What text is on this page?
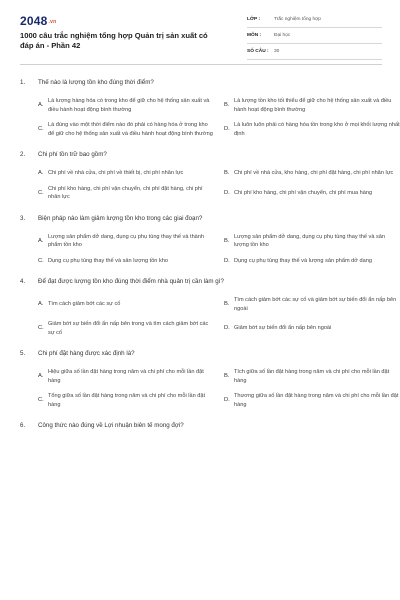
2048.vn
1000 câu trắc nghiệm tổng hợp Quản trị sản xuất có đáp án - Phần 42
LỚP :	Trắc nghiệm tổng hợp
MÔN :	Đại học
SỐ CÂU :	30
1.	Thế nào là lượng tồn kho đúng thời điểm?
A.
Là lượng hàng hóa có trong kho để giữ cho hệ thống sản xuất và điều hành hoạt động bình thường
B.
Là lượng tồn kho tối thiểu để giữ cho hệ thống sản xuất và điều hành hoạt động bình thường
C.
Là đúng vào một thời điểm nào đó phải có hàng hóa ở trong kho để giữ cho hệ thống sản xuất và điều hành hoạt động bình thường
D.
Là luôn luôn phải có hàng hóa tồn trong kho ở mọi khối lượng nhất định
2.	Chi phí tồn trữ bao gồm?
A. Chi phí về nhà cửa, chi phí về thiết bị, chi phí nhân lực	B. Chi phí về nhà cửa, kho hàng, chi phí đặt hàng, chi phí nhân lực
C.
Chi phí kho hàng, chi phí vận chuyển, chi phí đặt hàng, chi phí nhân lực
D. Chi phí kho hàng, chi phí vận chuyển, chi phí mua hàng
3.	Biện pháp nào làm giảm lượng tồn kho trong các giai đoạn?
A.
Lượng sản phẩm dở dang, dụng cụ phụ tùng thay thế và thành phẩm tồn kho
B.
Lượng sản phẩm dở dang, dụng cụ phụ tùng thay thế và sản lượng tồn kho
C. Dụng cụ phụ tùng thay thế và sản lượng tồn kho	D. Dụng cụ phụ tùng thay thế và lượng sản phẩm dở dang
4.	Để đạt được lượng tồn kho đúng thời điểm nhà quản trị cần làm gì?
A. Tìm cách giảm bớt các sự cố	B.
Tìm cách giảm bớt các sự cố và giảm bớt sự biến đổi ẩn nấp bên ngoài
C.
Giảm bớt sự biến đổi ẩn nấp bên trong và tìm cách giảm bớt các sự cố
D. Giảm bớt sự biến đổi ẩn nấp bên ngoài
5.	Chi phí đặt hàng được xác định là?
A.
Hiệu giữa số lần đặt hàng trong năm và chi phí cho mỗi lần đặt hàng
B.
Tích giữa số lần đặt hàng trong năm và chi phí cho mỗi lần đặt hàng
C.
Tổng giữa số lần đặt hàng trong năm và chi phí cho mỗi lần đặt hàng
D.
Thương giữa số lần đặt hàng trong năm và chi phí cho mỗi lần đặt hàng
6.	Công thức nào đúng về Lợi nhuận biên tế mong đợi?
